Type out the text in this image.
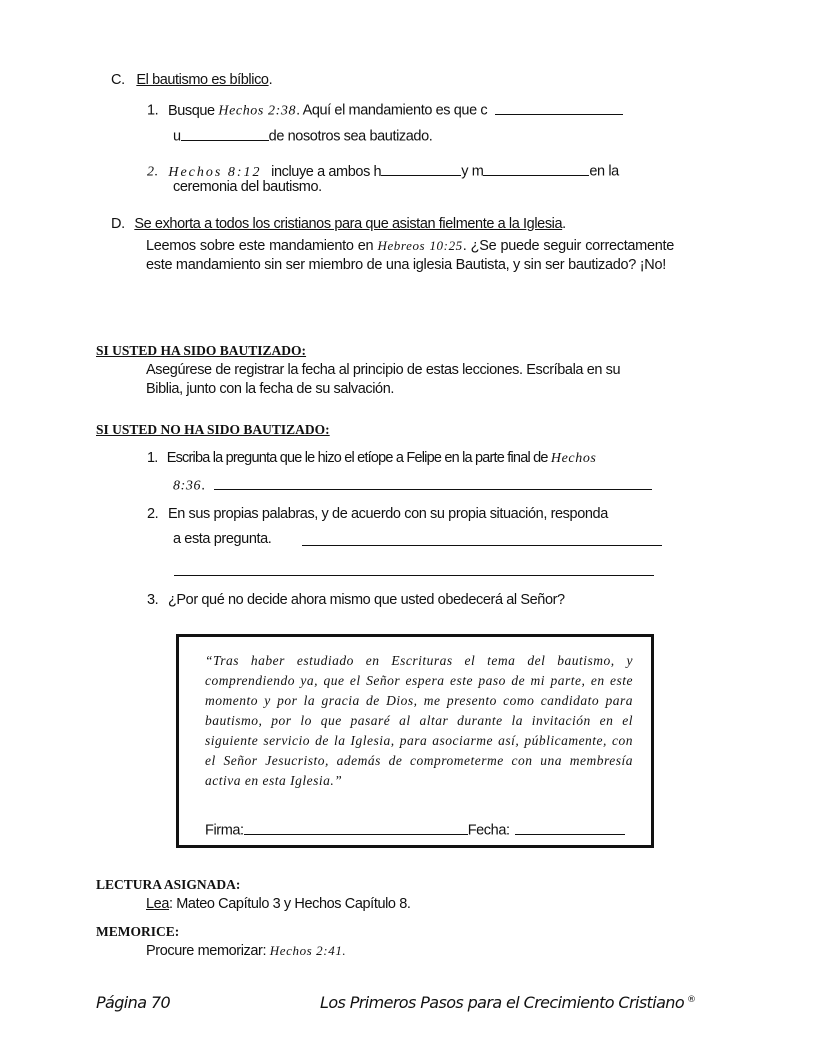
C. El bautismo es bíblico.
1. Busque Hechos 2:38. Aquí el mandamiento es que c
u	de nosotros sea bautizado.
2. Hechos 8:12 incluye a ambos h	y m	en la
ceremonia del bautismo.
D. Se exhorta a todos los cristianos para que asistan fielmente a la Iglesia.
Leemos sobre este mandamiento en Hebreos 10:25. ¿Se puede seguir correctamente este mandamiento sin ser miembro de una iglesia Bautista, y sin ser bautizado? ¡No!
SI USTED HA SIDO BAUTIZADO:
Asegúrese de registrar la fecha al principio de estas lecciones. Escríbala en su
Biblia, junto con la fecha de su salvación.
SI USTED NO HA SIDO BAUTIZADO:
1. Escriba la pregunta que le hizo el etíope a Felipe en la parte final de Hechos
8:36.
2. En sus propias palabras, y de acuerdo con su propia situación, responda
a esta pregunta.
3. ¿Por qué no decide ahora mismo que usted obedecerá al Señor?
“Tras haber estudiado en Escrituras el tema del bautismo, y comprendiendo ya, que el Señor espera este paso de mi parte, en este momento y por la gracia de Dios, me presento como candidato para bautismo, por lo que pasaré al altar durante la invitación en el siguiente servicio de la Iglesia, para asociarme así, públicamente, con el Señor Jesucristo, además de comprometerme con una membresía activa en esta Iglesia.”
Firma:	Fecha:
LECTURA ASIGNADA:
Lea: Mateo Capítulo 3 y Hechos Capítulo 8.
MEMORICE:
Procure memorizar: Hechos 2:41.
Página 70	Los Primeros Pasos para el Crecimiento Cristiano ®
